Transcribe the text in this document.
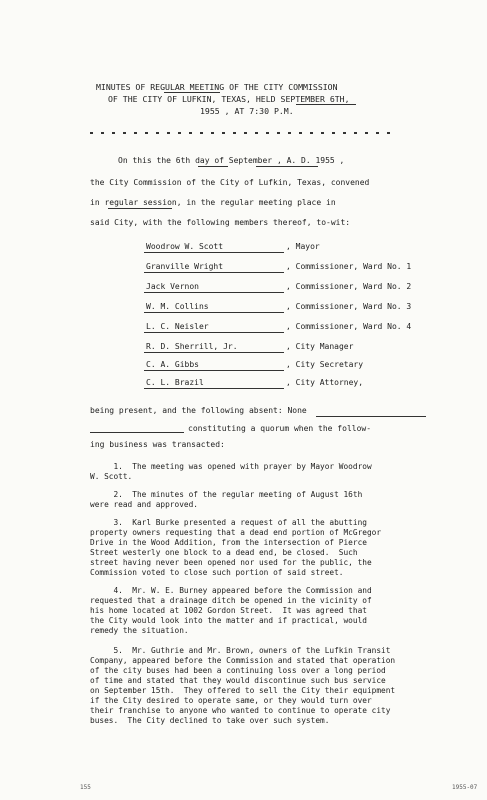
MINUTES OF REGULAR MEETING OF THE CITY COMMISSION
OF THE CITY OF LUFKIN, TEXAS, HELD SEPTEMBER 6TH,
1955 , AT 7:30 P.M.
On this the 6th day of September , A. D. 1955 ,
the City Commission of the City of Lufkin, Texas, convened
in regular session, in the regular meeting place in
said City, with the following members thereof, to-wit:
Woodrow W. Scott	, Mayor
Granville Wright	, Commissioner, Ward No. 1
Jack Vernon	, Commissioner, Ward No. 2
W. M. Collins	, Commissioner, Ward No. 3
L. C. Neisler	, Commissioner, Ward No. 4
R. D. Sherrill, Jr.	, City Manager
C. A. Gibbs	, City Secretary
C. L. Brazil	, City Attorney,
being present, and the following absent: None
constituting a quorum when the follow-
ing business was transacted:
1.  The meeting was opened with prayer by Mayor Woodrow
W. Scott.
2.  The minutes of the regular meeting of August 16th
were read and approved.
3.  Karl Burke presented a request of all the abutting
property owners requesting that a dead end portion of McGregor
Drive in the Wood Addition, from the intersection of Pierce
Street westerly one block to a dead end, be closed.  Such
street having never been opened nor used for the public, the
Commission voted to close such portion of said street.
4.  Mr. W. E. Burney appeared before the Commission and
requested that a drainage ditch be opened in the vicinity of
his home located at 1002 Gordon Street.  It was agreed that
the City would look into the matter and if practical, would
remedy the situation.
5.  Mr. Guthrie and Mr. Brown, owners of the Lufkin Transit
Company, appeared before the Commission and stated that operation
of the city buses had been a continuing loss over a long period
of time and stated that they would discontinue such bus service
on September 15th.  They offered to sell the City their equipment
if the City desired to operate same, or they would turn over
their franchise to anyone who wanted to continue to operate city
buses.  The City declined to take over such system.
155	1955-07
